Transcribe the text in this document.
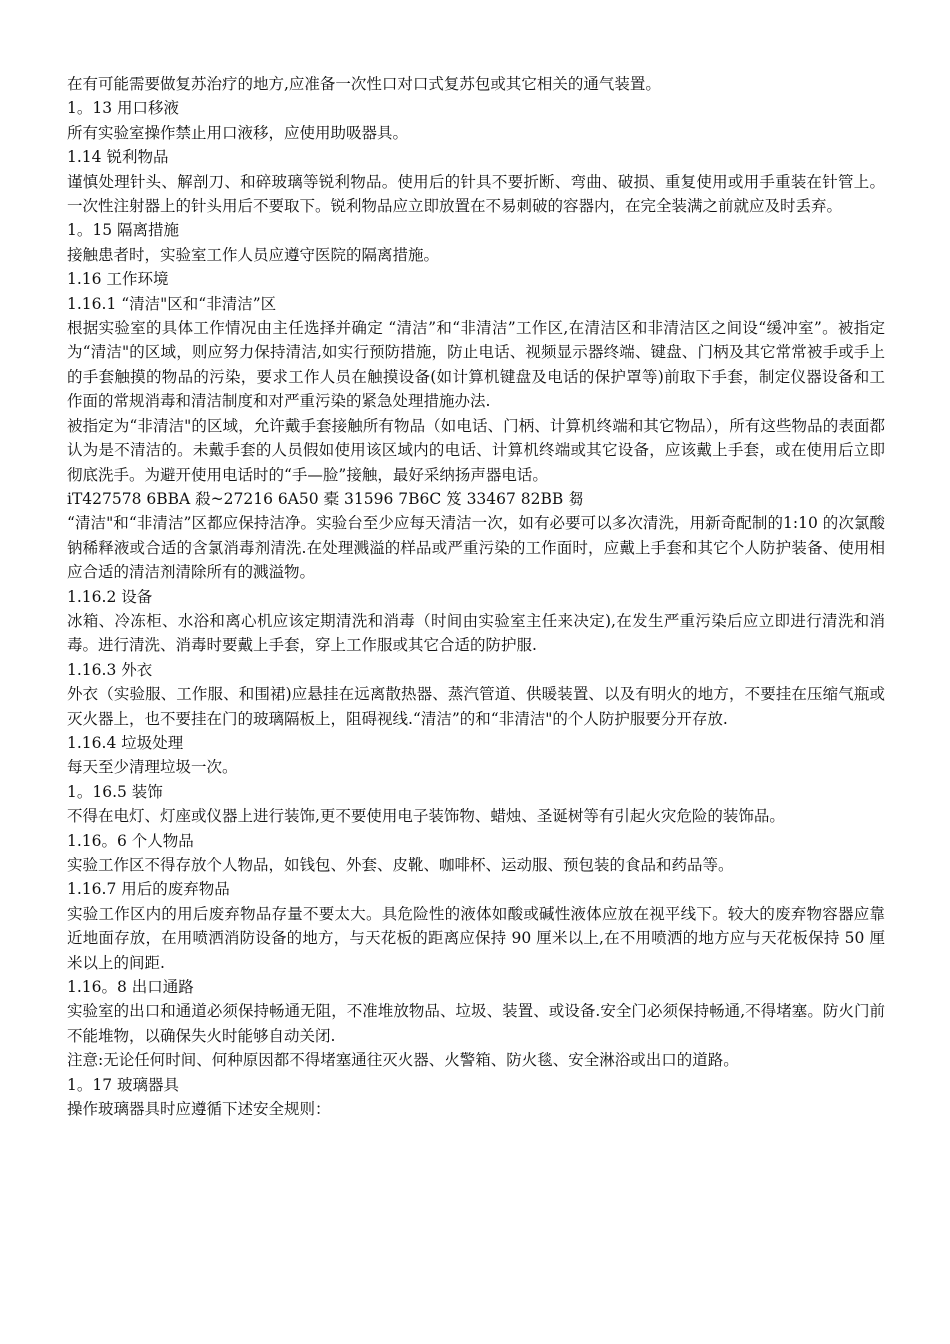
在有可能需要做复苏治疗的地方,应准备一次性口对口式复苏包或其它相关的通气装置。

1。13 用口移液

所有实验室操作禁止用口液移，应使用助吸器具。

1.14 锐利物品

谨慎处理针头、解剖刀、和碎玻璃等锐利物品。使用后的针具不要折断、弯曲、破损、重复使用或用手重装在针管上。一次性注射器上的针头用后不要取下。锐利物品应立即放置在不易刺破的容器内，在完全装满之前就应及时丢弃。

1。15 隔离措施

接触患者时，实验室工作人员应遵守医院的隔离措施。

1.16 工作环境

1.16.1 “清洁"区和“非清洁”区

根据实验室的具体工作情况由主任选择并确定 “清洁”和“非清洁”工作区,在清洁区和非清洁区之间设“缓冲室”。被指定为“清洁"的区域，则应努力保持清洁,如实行预防措施，防止电话、视频显示器终端、键盘、门柄及其它常常被手或手上的手套触摸的物品的污染，要求工作人员在触摸设备(如计算机键盘及电话的保护罩等)前取下手套，制定仪器设备和工作面的常规消毒和清洁制度和对严重污染的紧急处理措施办法.

被指定为“非清洁"的区域，允许戴手套接触所有物品（如电话、门柄、计算机终端和其它物品），所有这些物品的表面都认为是不清洁的。未戴手套的人员假如使用该区域内的电话、计算机终端或其它设备，应该戴上手套，或在使用后立即彻底洗手。为避开使用电话时的“手—脸”接触，最好采纳扬声器电话。

iT427578 6BBA 殺~27216 6A50 橐 31596 7B6C 笈 33467 82BB 芻

“清洁"和“非清洁”区都应保持洁净。实验台至少应每天清洁一次，如有必要可以多次清洗，用新奇配制的1:10 的次氯酸钠稀释液或合适的含氯消毒剂清洗.在处理溅溢的样品或严重污染的工作面时，应戴上手套和其它个人防护装备、使用相应合适的清洁剂清除所有的溅溢物。

1.16.2 设备

冰箱、冷冻柜、水浴和离心机应该定期清洗和消毒（时间由实验室主任来决定),在发生严重污染后应立即进行清洗和消毒。进行清洗、消毒时要戴上手套，穿上工作服或其它合适的防护服.

1.16.3 外衣

外衣（实验服、工作服、和围裙)应悬挂在远离散热器、蒸汽管道、供暖装置、以及有明火的地方，不要挂在压缩气瓶或灭火器上，也不要挂在门的玻璃隔板上，阻碍视线.“清洁”的和“非清洁"的个人防护服要分开存放.

1.16.4 垃圾处理

每天至少清理垃圾一次。

1。16.5 装饰

不得在电灯、灯座或仪器上进行装饰,更不要使用电子装饰物、蜡烛、圣诞树等有引起火灾危险的装饰品。

1.16。6 个人物品

实验工作区不得存放个人物品，如钱包、外套、皮靴、咖啡杯、运动服、预包装的食品和药品等。

1.16.7 用后的废弃物品

实验工作区内的用后废弃物品存量不要太大。具危险性的液体如酸或碱性液体应放在视平线下。较大的废弃物容器应靠近地面存放，在用喷洒消防设备的地方，与天花板的距离应保持 90 厘米以上,在不用喷洒的地方应与天花板保持 50 厘米以上的间距.

1.16。8 出口通路

实验室的出口和通道必须保持畅通无阻，不准堆放物品、垃圾、装置、或设备.安全门必须保持畅通,不得堵塞。防火门前不能堆物，以确保失火时能够自动关闭.

注意:无论任何时间、何种原因都不得堵塞通往灭火器、火警箱、防火毯、安全淋浴或出口的道路。

1。17 玻璃器具

操作玻璃器具时应遵循下述安全规则：
